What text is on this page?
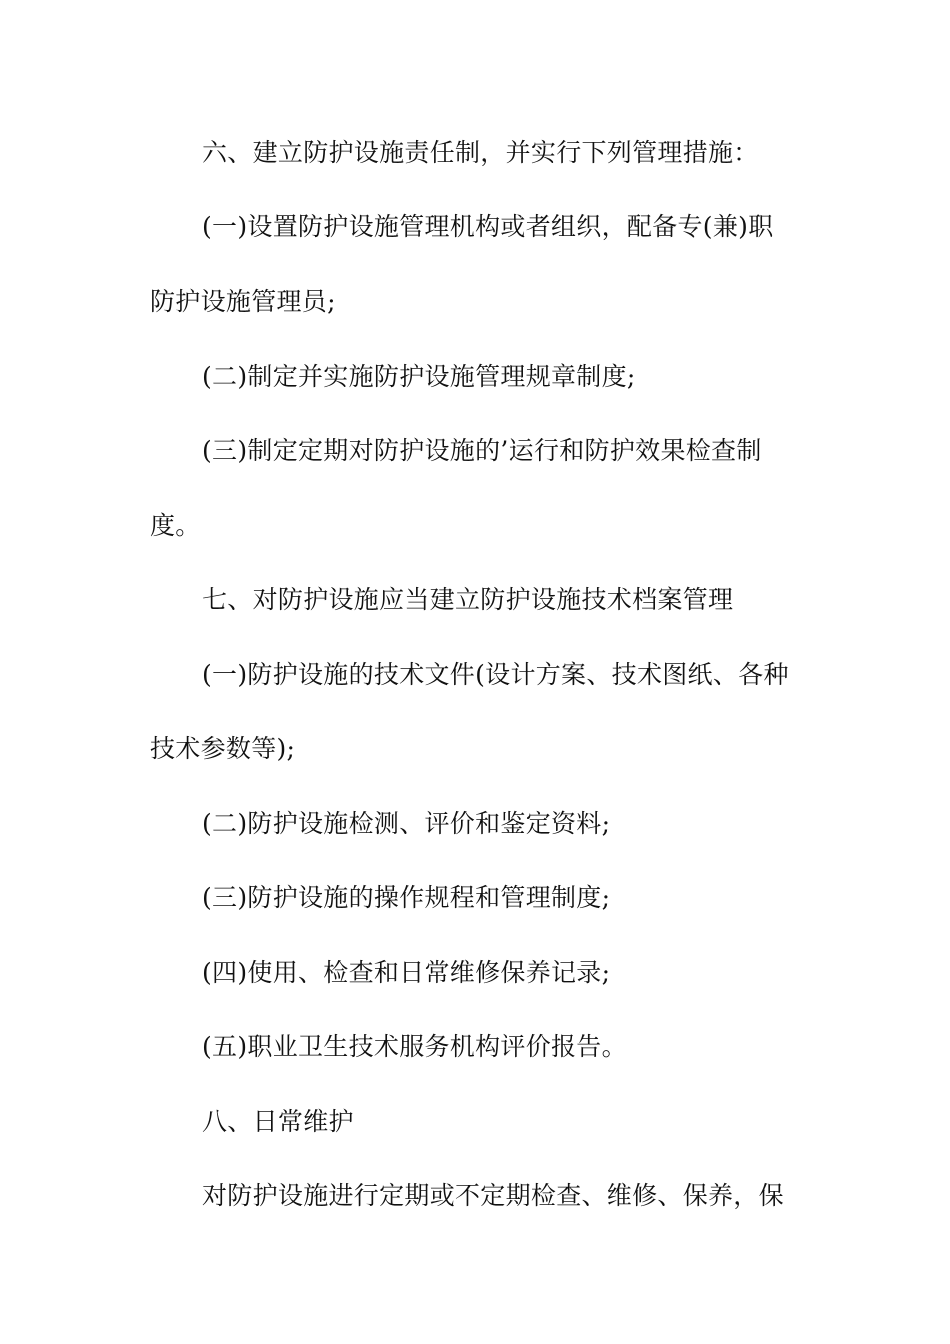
六、建立防护设施责任制，并实行下列管理措施：
(一)设置防护设施管理机构或者组织，配备专(兼)职
防护设施管理员;
(二)制定并实施防护设施管理规章制度;
(三)制定定期对防护设施的’运行和防护效果检查制
度。
七、对防护设施应当建立防护设施技术档案管理
(一)防护设施的技术文件(设计方案、技术图纸、各种
技术参数等);
(二)防护设施检测、评价和鉴定资料;
(三)防护设施的操作规程和管理制度;
(四)使用、检查和日常维修保养记录;
(五)职业卫生技术服务机构评价报告。
八、日常维护
对防护设施进行定期或不定期检查、维修、保养，保
